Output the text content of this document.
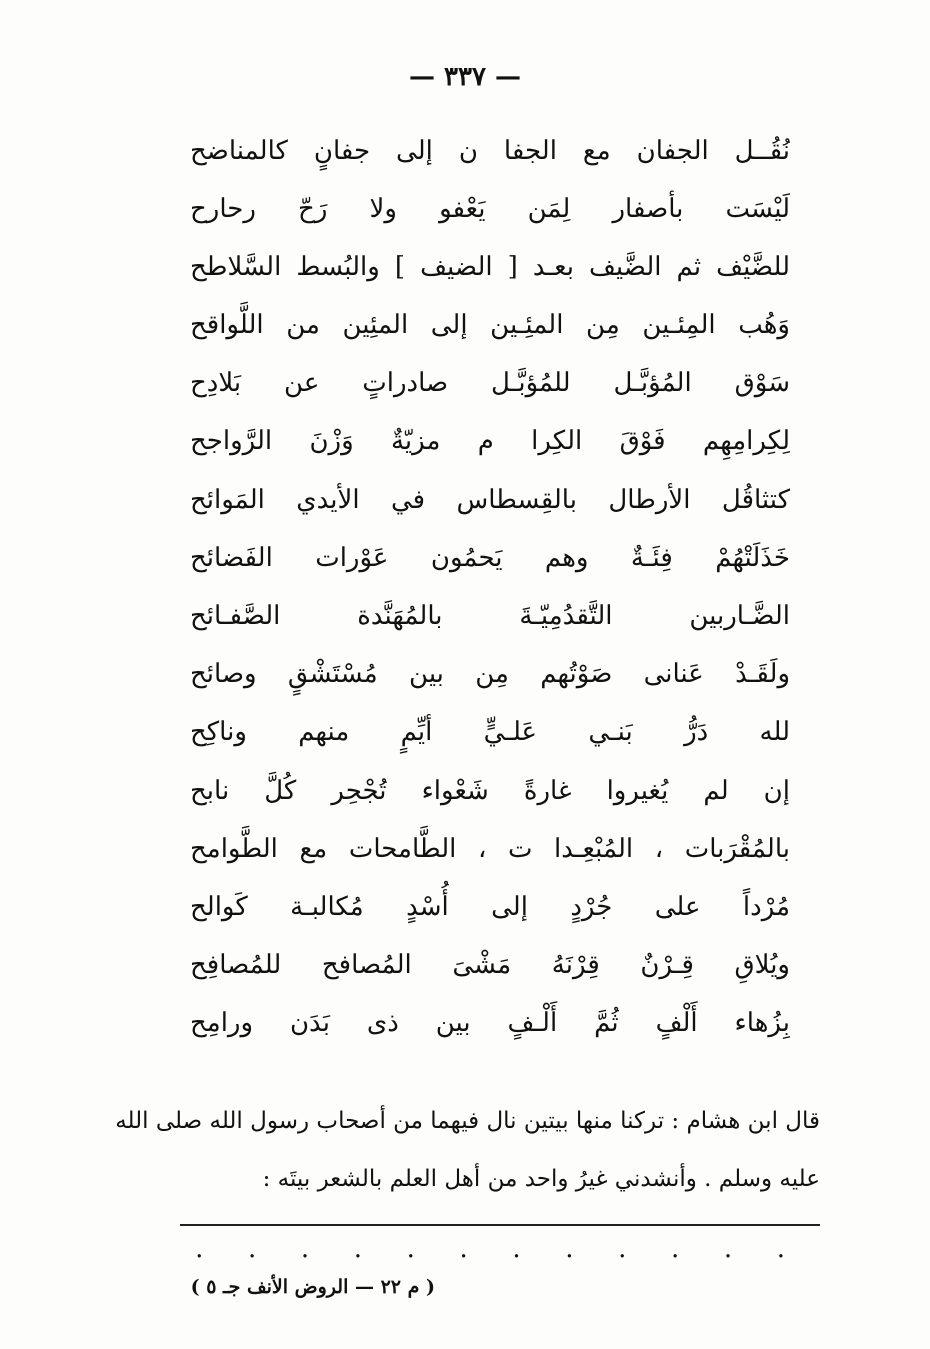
— ٣٣٧ —
نُقُــل الجفان مع الجفا ن إلى جفانٍ كالمناضح
لَيْسَت بأصفار لِمَن يَعْفو ولا رَحّ رحارح
للضَّيْف ثم الضَّيف بعـد [ الضيف ] والبُسط السَّلاطح
وَهُب المِئـين مِن المئِـين إلى المئِين من اللَّواقح
سَوْق المُؤبَّـل للمُؤبَّـل صادراتٍ عن بَلادِح
لِكِرامِهِم فَوْقَ الكِرا م مزيّةٌ وَزْنَ الرَّواجح
كتثاقُل الأرطال بالقِسطاس في الأيدي المَوائح
خَذَلَتْهُمْ فِئَـةٌ وهم يَحمُون عَوْرات الفَضائح
الضَّـاربين التَّقدُمِيّـةَ بالمُهَنَّدة الصَّفـائح
ولَقَـدْ عَنانى صَوْتُهم مِن بين مُسْتَشْقٍ وصائح
لله دَرُّ بَنـي عَلـيٍّ أيِّمٍ منهم وناكِح
إن لم يُغيروا غارةً شَعْواء تُجْحِر كُلَّ نابح
بالمُقْرَبات ، المُبْعِـدا ت ، الطَّامحات مع الطَّوامح
مُرْداً على جُرْدٍ إلى أُسْدٍ مُكالبـة كَوالح
ويُلاقِ قِـرْنٌ قِرْنَهُ مَشْىَ المُصافح للمُصافِح
بِزُهاء أَلْفٍ ثُمَّ أَلْـفٍ بين ذى بَدَن ورامِح
قال ابن هشام : تركنا منها بيتين نال فيهما من أصحاب رسول الله صلى الله
عليه وسلم . وأنشدني غيرُ واحد من أهل العلم بالشعر بيتَه :
.
.
.
.
.
.
.
.
.
.
.
.
( م ٢٢ — الروض الأنف جـ ٥ )
